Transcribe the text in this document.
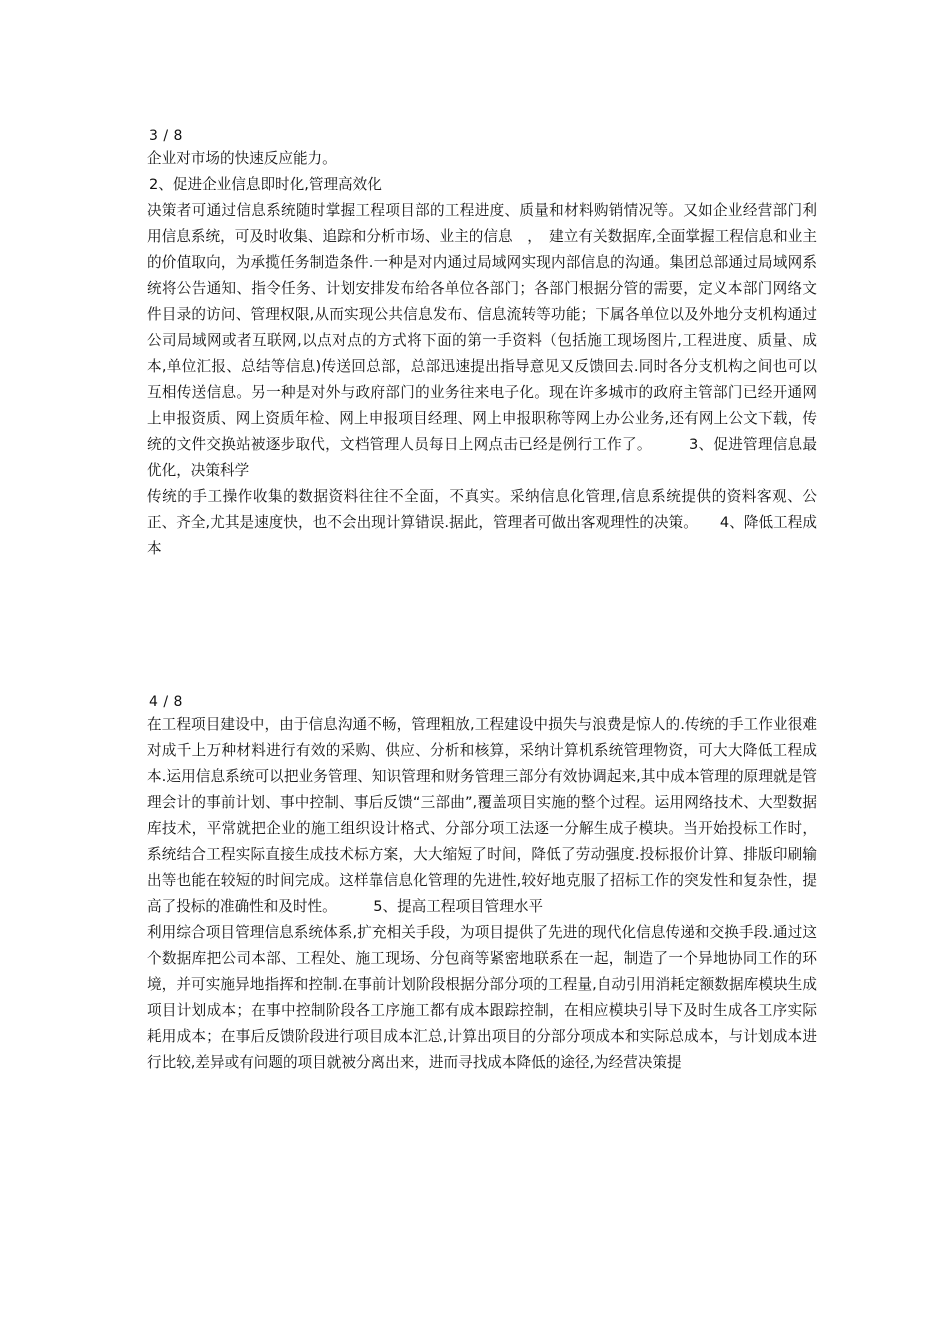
3 / 8

企业对市场的快速反应能力。

2、促进企业信息即时化,管理高效化

决策者可通过信息系统随时掌握工程项目部的工程进度、质量和材料购销情况等。又如企业经营部门利用信息系统，可及时收集、追踪和分析市场、业主的信息　，　建立有关数据库,全面掌握工程信息和业主的价值取向，为承揽任务制造条件.一种是对内通过局域网实现内部信息的沟通。集团总部通过局域网系统将公告通知、指令任务、计划安排发布给各单位各部门；各部门根据分管的需要，定义本部门网络文件目录的访问、管理权限,从而实现公共信息发布、信息流转等功能；下属各单位以及外地分支机构通过公司局域网或者互联网,以点对点的方式将下面的第一手资料（包括施工现场图片,工程进度、质量、成本,单位汇报、总结等信息)传送回总部，总部迅速提出指导意见又反馈回去.同时各分支机构之间也可以互相传送信息。另一种是对外与政府部门的业务往来电子化。现在许多城市的政府主管部门已经开通网上申报资质、网上资质年检、网上申报项目经理、网上申报职称等网上办公业务,还有网上公文下载，传统的文件交换站被逐步取代，文档管理人员每日上网点击已经是例行工作了。　　　3、促进管理信息最优化，决策科学

传统的手工操作收集的数据资料往往不全面，不真实。采纳信息化管理,信息系统提供的资料客观、公正、齐全,尤其是速度快，也不会出现计算错误.据此，管理者可做出客观理性的决策。　　4、降低工程成本

4 / 8

在工程项目建设中，由于信息沟通不畅，管理粗放,工程建设中损失与浪费是惊人的.传统的手工作业很难对成千上万种材料进行有效的采购、供应、分析和核算，采纳计算机系统管理物资，可大大降低工程成本.运用信息系统可以把业务管理、知识管理和财务管理三部分有效协调起来,其中成本管理的原理就是管理会计的事前计划、事中控制、事后反馈“三部曲”,覆盖项目实施的整个过程。运用网络技术、大型数据库技术，平常就把企业的施工组织设计格式、分部分项工法逐一分解生成子模块。当开始投标工作时，系统结合工程实际直接生成技术标方案，大大缩短了时间，降低了劳动强度.投标报价计算、排版印刷输出等也能在较短的时间完成。这样靠信息化管理的先进性,较好地克服了招标工作的突发性和复杂性，提高了投标的准确性和及时性。　　　5、提高工程项目管理水平

利用综合项目管理信息系统体系,扩充相关手段，为项目提供了先进的现代化信息传递和交换手段.通过这个数据库把公司本部、工程处、施工现场、分包商等紧密地联系在一起，制造了一个异地协同工作的环境，并可实施异地指挥和控制.在事前计划阶段根据分部分项的工程量,自动引用消耗定额数据库模块生成项目计划成本；在事中控制阶段各工序施工都有成本跟踪控制，在相应模块引导下及时生成各工序实际耗用成本；在事后反馈阶段进行项目成本汇总,计算出项目的分部分项成本和实际总成本，与计划成本进行比较,差异或有问题的项目就被分离出来，进而寻找成本降低的途径,为经营决策提
